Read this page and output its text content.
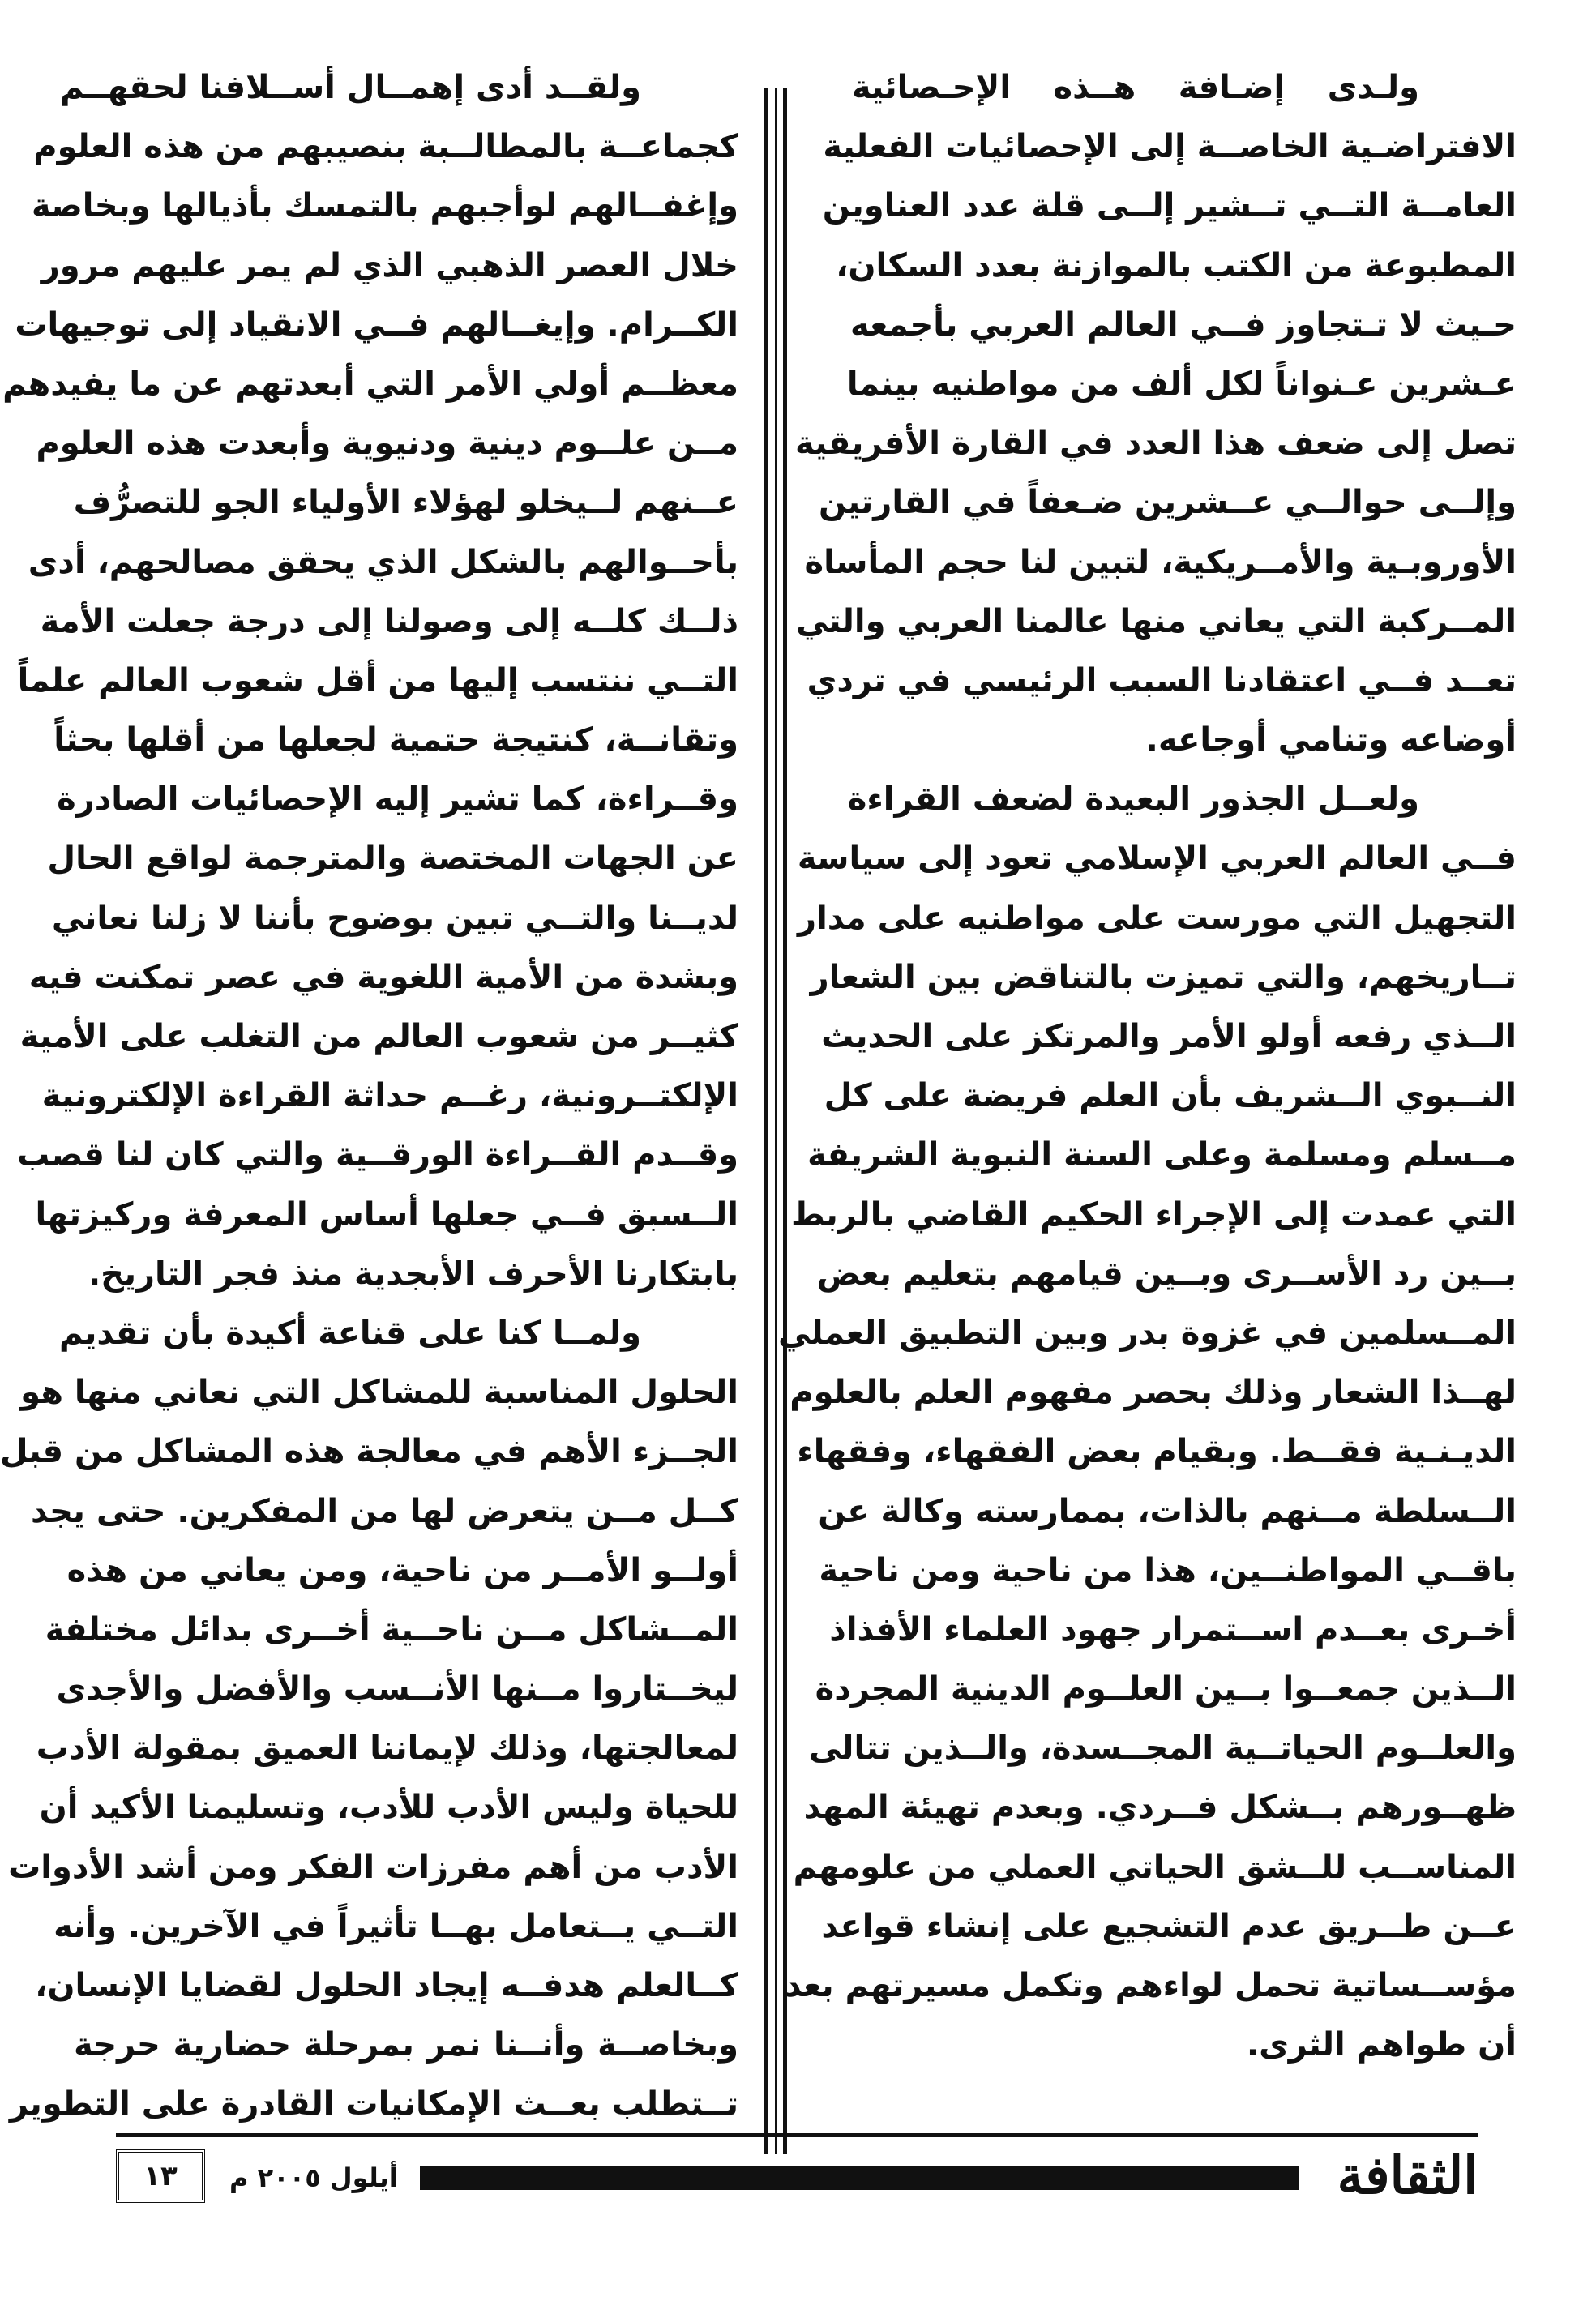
ولـدى إضـافة هــذه الإحـصائية
الافتراضـية الخاصــة إلى الإحصائيات الفعلية
العامــة التــي تــشير إلــى قلة عدد العناوين
المطبوعة من الكتب بالموازنة بعدد السكان،
حـيث لا تـتجاوز فــي العالم العربي بأجمعه
عـشرين عـنواناً لكل ألف من مواطنيه بينما
تصل إلى ضعف هذا العدد في القارة الأفريقية
وإلــى حوالــي عــشرين ضـعفاً في القارتين
الأوروبـية والأمــريكية، لتبين لنا حجم المأساة
المــركبة التي يعاني منها عالمنا العربي والتي
تعــد فــي اعتقادنا السبب الرئيسي في تردي
أوضاعه وتنامي أوجاعه.
ولعــل الجذور البعيدة لضعف القراءة
فــي العالم العربي الإسلامي تعود إلى سياسة
التجهيل التي مورست على مواطنيه على مدار
تــاريخهم، والتي تميزت بالتناقض بين الشعار
الــذي رفعه أولو الأمر والمرتكز على الحديث
النــبوي الــشريف بأن العلم فريضة على كل
مــسلم ومسلمة وعلى السنة النبوية الشريفة
التي عمدت إلى الإجراء الحكيم القاضي بالربط
بــين رد الأســرى وبــين قيامهم بتعليم بعض
المــسلمين في غزوة بدر وبين التطبيق العملي
لهــذا الشعار وذلك بحصر مفهوم العلم بالعلوم
الديـنـية فقــط. وبقيام بعض الفقهاء، وفقهاء
الــسلطة مــنهم بالذات، بممارسته وكالة عن
باقــي المواطنــين، هذا من ناحية ومن ناحية
أخـرى بعــدم اســتمرار جهود العلماء الأفذاذ
الــذين جمعــوا بــين العلــوم الدينية المجردة
والعلــوم الحياتــية المجــسدة، والــذين تتالى
ظهــورهم بــشكل فــردي. وبعدم تهيئة المهد
المناســب للــشق الحياتي العملي من علومهم
عــن طــريق عدم التشجيع على إنشاء قواعد
مؤســساتية تحمل لواءهم وتكمل مسيرتهم بعد
أن طواهم الثرى.
ولقــد أدى إهمــال أســلافنا لحقهــم
كجماعــة بالمطالــبة بنصيبهم من هذه العلوم
وإغفــالهم لوأجبهم بالتمسك بأذيالها وبخاصة
خلال العصر الذهبي الذي لم يمر عليهم مرور
الكــرام. وإيغــالهم فــي الانقياد إلى توجيهات
معظــم أولي الأمر التي أبعدتهم عن ما يفيدهم
مــن علــوم دينية ودنيوية وأبعدت هذه العلوم
عــنهم لــيخلو لهؤلاء الأولياء الجو للتصرُّف
بأحــوالهم بالشكل الذي يحقق مصالحهم، أدى
ذلــك كلــه إلى وصولنا إلى درجة جعلت الأمة
التــي ننتسب إليها من أقل شعوب العالم علماً
وتقانــة، كنتيجة حتمية لجعلها من أقلها بحثاً
وقــراءة، كما تشير إليه الإحصائيات الصادرة
عن الجهات المختصة والمترجمة لواقع الحال
لديــنا والتــي تبين بوضوح بأننا لا زلنا نعاني
وبشدة من الأمية اللغوية في عصر تمكنت فيه
كثيــر من شعوب العالم من التغلب على الأمية
الإلكتــرونية، رغــم حداثة القراءة الإلكترونية
وقــدم القــراءة الورقــية والتي كان لنا قصب
الــسبق فــي جعلها أساس المعرفة وركيزتها
بابتكارنا الأحرف الأبجدية منذ فجر التاريخ.
ولمــا كنا على قناعة أكيدة بأن تقديم
الحلول المناسبة للمشاكل التي نعاني منها هو
الجــزء الأهم في معالجة هذه المشاكل من قبل
كــل مــن يتعرض لها من المفكرين. حتى يجد
أولــو الأمــر من ناحية، ومن يعاني من هذه
المــشاكل مــن ناحــية أخــرى بدائل مختلفة
ليخــتاروا مــنها الأنــسب والأفضل والأجدى
لمعالجتها، وذلك لإيماننا العميق بمقولة الأدب
للحياة وليس الأدب للأدب، وتسليمنا الأكيد أن
الأدب من أهم مفرزات الفكر ومن أشد الأدوات
التــي يــتعامل بهــا تأثيراً في الآخرين. وأنه
كــالعلم هدفــه إيجاد الحلول لقضايا الإنسان،
وبخاصــة وأنــنا نمر بمرحلة حضارية حرجة
تــتطلب بعــث الإمكانيات القادرة على التطوير
الثقافة
أيلول ٢٠٠٥ م
١٣
